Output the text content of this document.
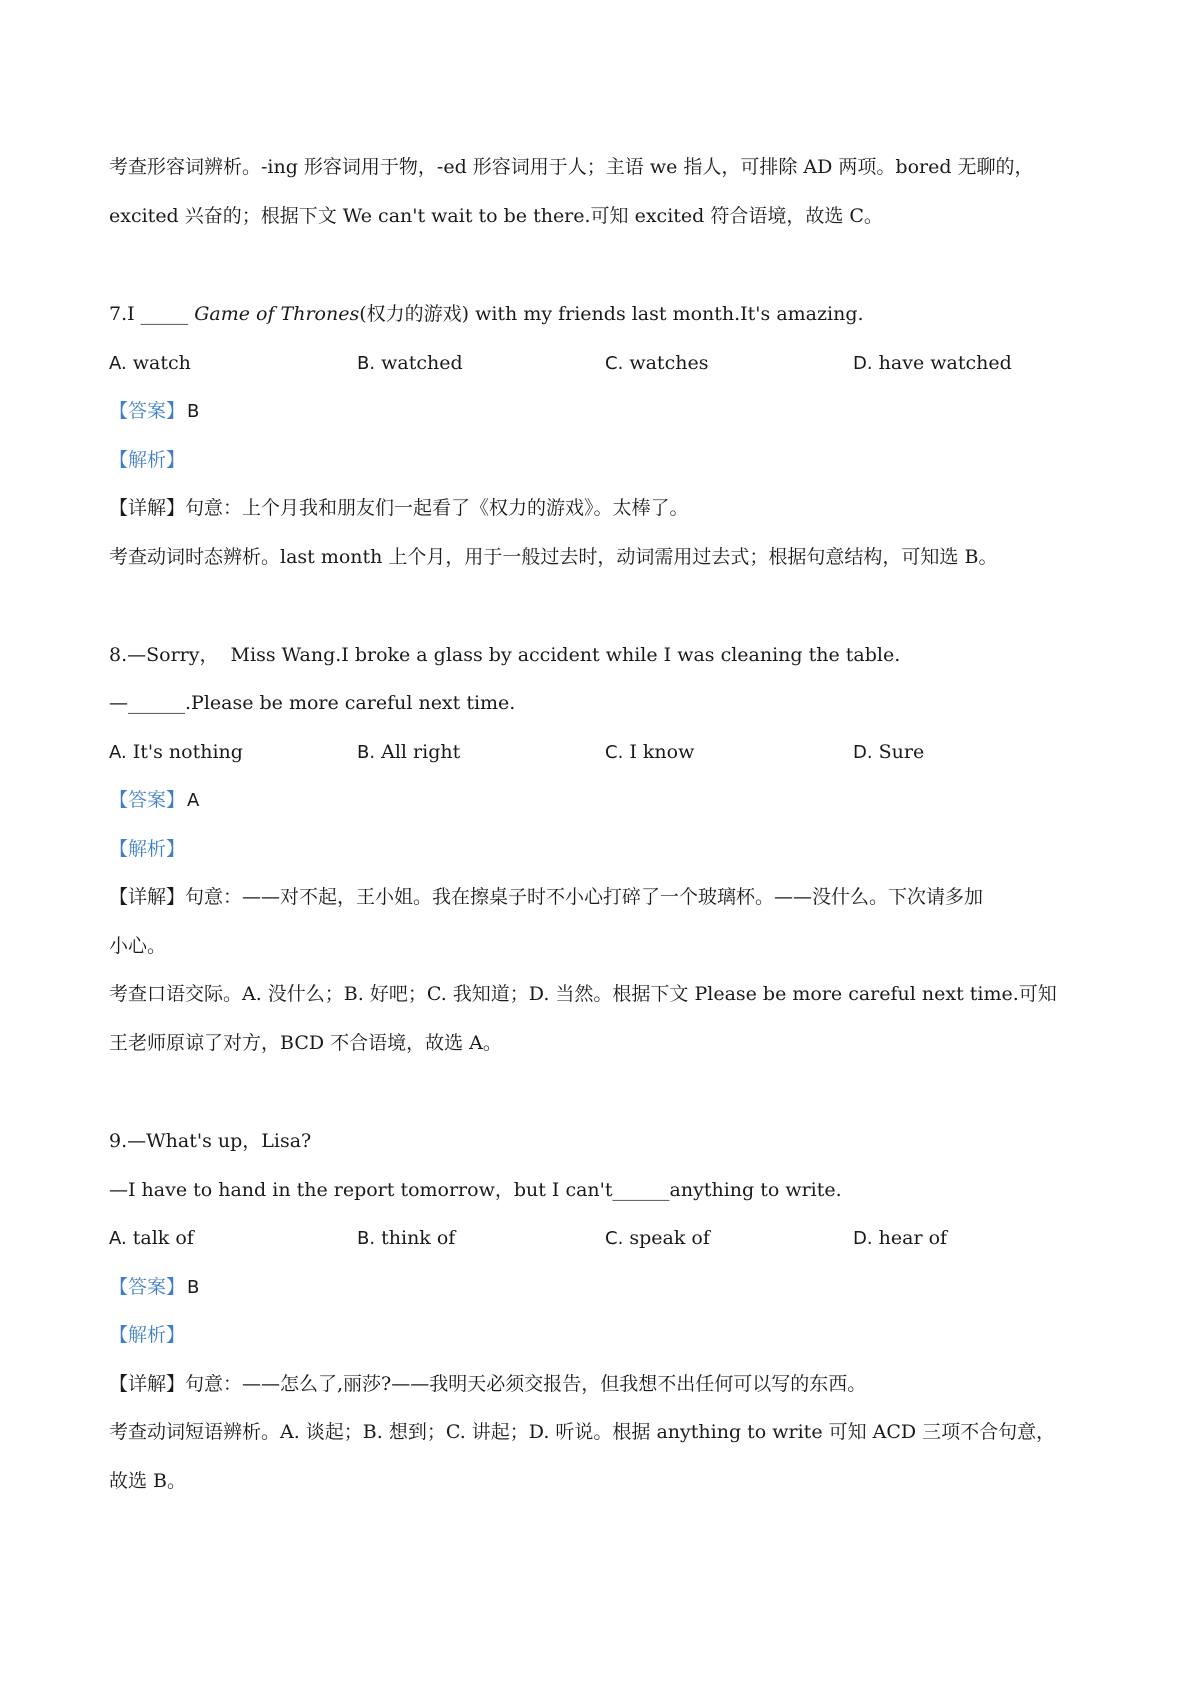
考查形容词辨析。-ing 形容词用于物，-ed 形容词用于人；主语 we 指人，可排除 AD 两项。bored 无聊的，
excited 兴奋的；根据下文 We can't wait to be there.可知 excited 符合语境，故选 C。
7.I _____ Game of Thrones(权力的游戏) with my friends last month.It's amazing.
A. watch	B. watched	C. watches	D. have watched
【答案】 B
【解析】
【详解】句意：上个月我和朋友们一起看了《权力的游戏》。太棒了。
考查动词时态辨析。last month 上个月，用于一般过去时，动词需用过去式；根据句意结构，可知选 B。
8.—Sorry，  Miss Wang.I broke a glass by accident while I was cleaning the table.
—______.Please be more careful next time.
A. It's nothing	B. All right	C. I know	D. Sure
【答案】 A
【解析】
【详解】句意：——对不起，王小姐。我在擦桌子时不小心打碎了一个玻璃杯。——没什么。下次请多加
小心。
考查口语交际。A. 没什么；B. 好吧；C. 我知道；D. 当然。根据下文 Please be more careful next time.可知
王老师原谅了对方，BCD 不合语境，故选 A。
9.—What's up，Lisa?
—I have to hand in the report tomorrow，but I can't______anything to write.
A. talk of	B. think of	C. speak of	D. hear of
【答案】 B
【解析】
【详解】句意：——怎么了,丽莎?——我明天必须交报告，但我想不出任何可以写的东西。
考查动词短语辨析。A. 谈起；B. 想到；C. 讲起；D. 听说。根据 anything to write 可知 ACD 三项不合句意，
故选 B。
